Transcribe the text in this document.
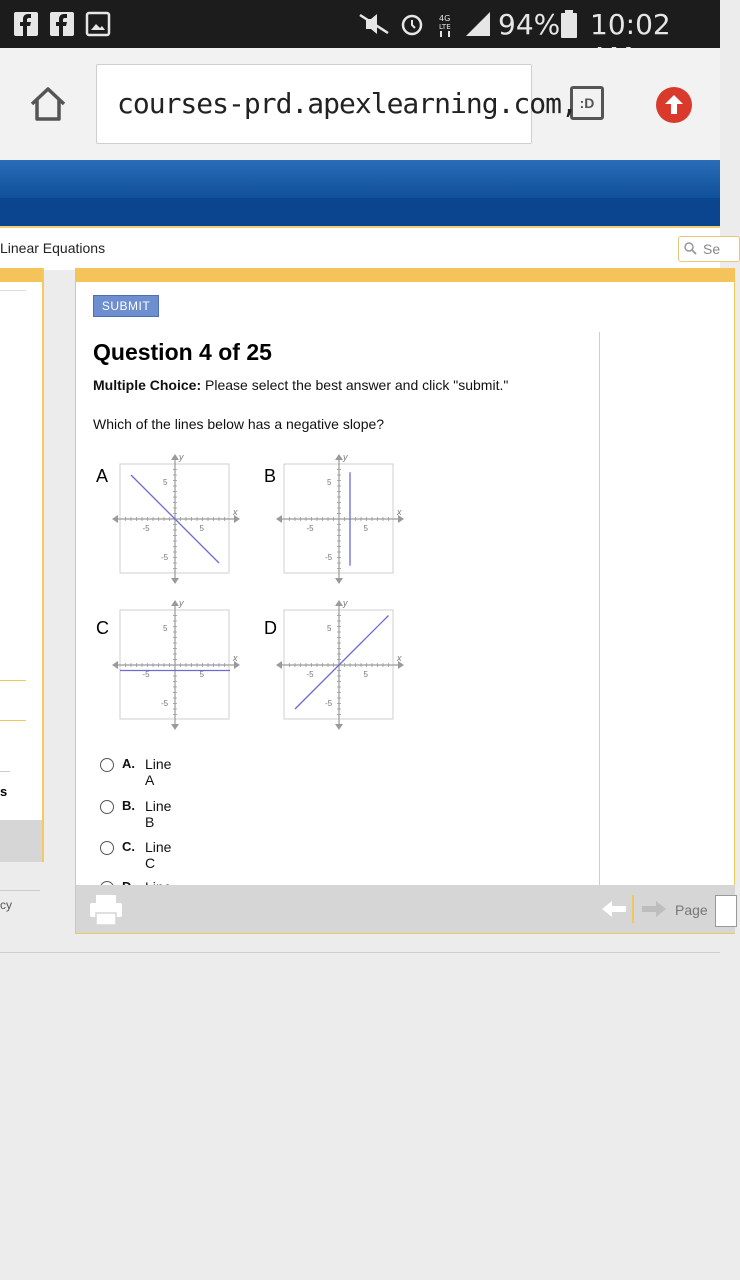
4G
LTE 94% 10:02
:D
courses-prd.apexlearning.com,
Linear Equations	Se
s
cy
SUBMIT
Question 4 of 25
Multiple Choice: Please select the best answer and click "submit."
Which of the lines below has a negative slope?
A	B
C	D
5
-5
5
-5
y
x
5
-5
5
-5
y
x
5
-5
5
-5
y
x
5
-5
5
-5
y
x
A. Line A
B. Line B
C. Line C
Page
